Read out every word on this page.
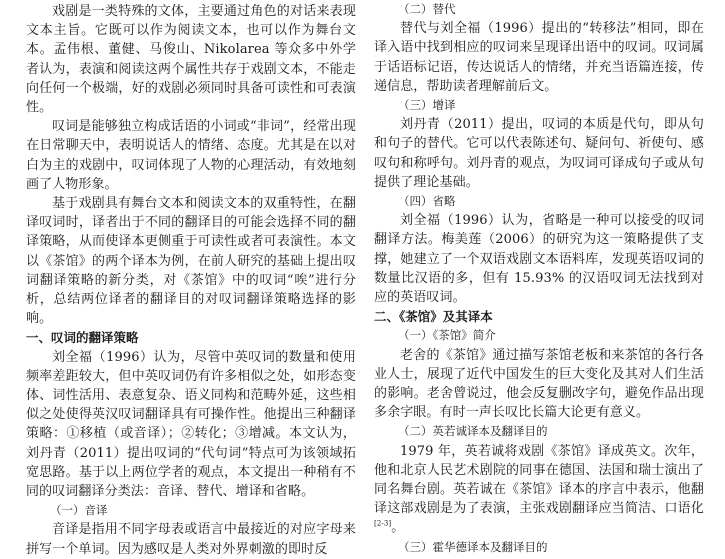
戏剧是一类特殊的文体，主要通过角色的对话来表现文本主旨。它既可以作为阅读文本，也可以作为舞台文本。孟伟根、董健、马俊山、Nikolarea 等众多中外学者认为，表演和阅读这两个属性共存于戏剧文本，不能走向任何一个极端，好的戏剧必须同时具备可读性和可表演性。

叹词是能够独立构成话语的小词或“非词”，经常出现在日常聊天中，表明说话人的情绪、态度。尤其是在以对白为主的戏剧中，叹词体现了人物的心理活动，有效地刻画了人物形象。

基于戏剧具有舞台文本和阅读文本的双重特性，在翻译叹词时，译者出于不同的翻译目的可能会选择不同的翻译策略，从而使译本更侧重于可读性或者可表演性。本文以《茶馆》的两个译本为例，在前人研究的基础上提出叹词翻译策略的新分类，对《茶馆》中的叹词“唉”进行分析，总结两位译者的翻译目的对叹词翻译策略选择的影响。

一、叹词的翻译策略

刘全福（1996）认为，尽管中英叹词的数量和使用频率差距较大，但中英叹词仍有许多相似之处，如形态变体、词性活用、表意复杂、语义同构和范畴外延，这些相似之处使得英汉叹词翻译具有可操作性。他提出三种翻译策略：①移植（或音译）；②转化；③增减。本文认为，刘丹青（2011）提出叹词的“代句词”特点可为该领域拓宽思路。基于以上两位学者的观点，本文提出一种稍有不同的叹词翻译分类法：音译、替代、增译和省略。

（一）音译

音译是指用不同字母表或语言中最接近的对应字母来拼写一个单词。因为感叹是人类对外界刺激的即时反

（二）替代

替代与刘全福（1996）提出的“转移法”相同，即在译入语中找到相应的叹词来呈现译出语中的叹词。叹词属于话语标记语，传达说话人的情绪，并充当语篇连接，传递信息，帮助读者理解前后文。

（三）增译

刘丹青（2011）提出，叹词的本质是代句，即从句和句子的替代。它可以代表陈述句、疑问句、祈使句、感叹句和称呼句。刘丹青的观点，为叹词可译成句子或从句提供了理论基础。

（四）省略

刘全福（1996）认为，省略是一种可以接受的叹词翻译方法。梅美莲（2006）的研究为这一策略提供了支撑，她建立了一个双语戏剧文本语料库，发现英语叹词的数量比汉语的多，但有 15.93% 的汉语叹词无法找到对应的英语叹词。

二、《茶馆》及其译本
（一）《茶馆》简介

老舍的《茶馆》通过描写茶馆老板和来茶馆的各行各业人士，展现了近代中国发生的巨大变化及其对人们生活的影响。老舍曾说过，他会反复删改字句，避免作品出现多余字眼。有时一声长叹比长篇大论更有意义。

（二）英若诚译本及翻译目的

1979 年，英若诚将戏剧《茶馆》译成英文。次年，他和北京人民艺术剧院的同事在德国、法国和瑞士演出了同名舞台剧。英若诚在《茶馆》译本的序言中表示，他翻译这部戏剧是为了表演，主张戏剧翻译应当简洁、口语化[2-3]。

（三）霍华德译本及翻译目的
